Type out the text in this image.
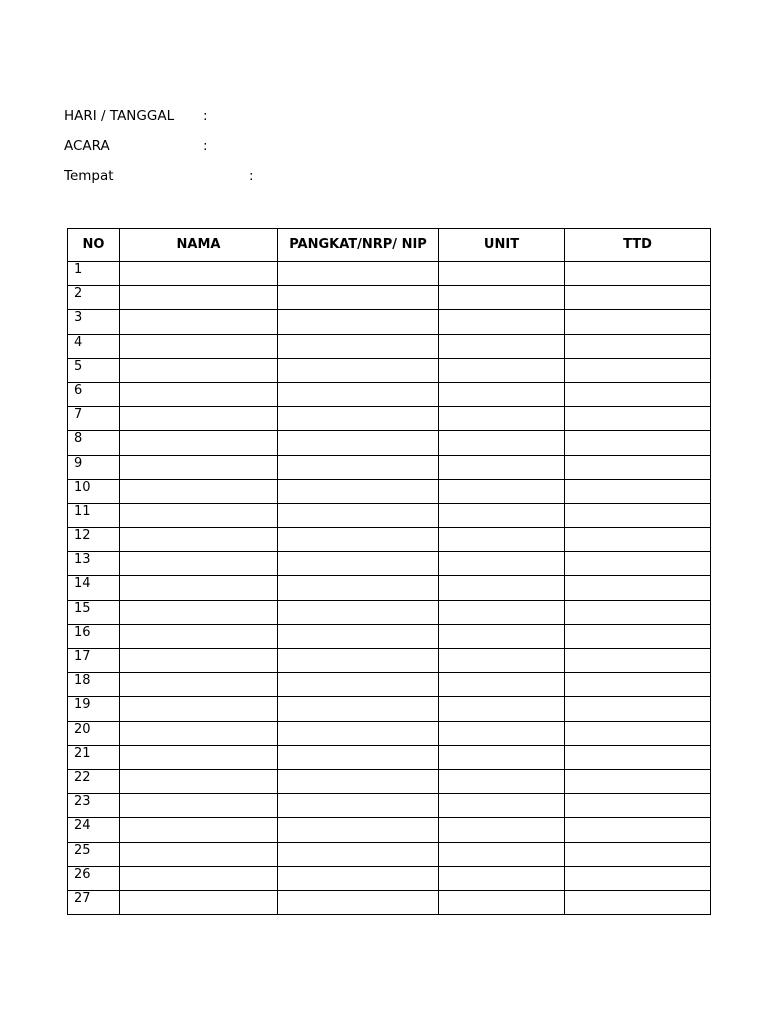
HARI / TANGGAL :
ACARA	:
Tempat	:
NO	NAMA	PANGKAT/NRP/ NIP	UNIT	TTD
1				
2				
3				
4				
5				
6				
7				
8				
9				
10				
11				
12				
13				
14				
15				
16				
17				
18				
19				
20				
21				
22				
23				
24				
25				
26				
27				
